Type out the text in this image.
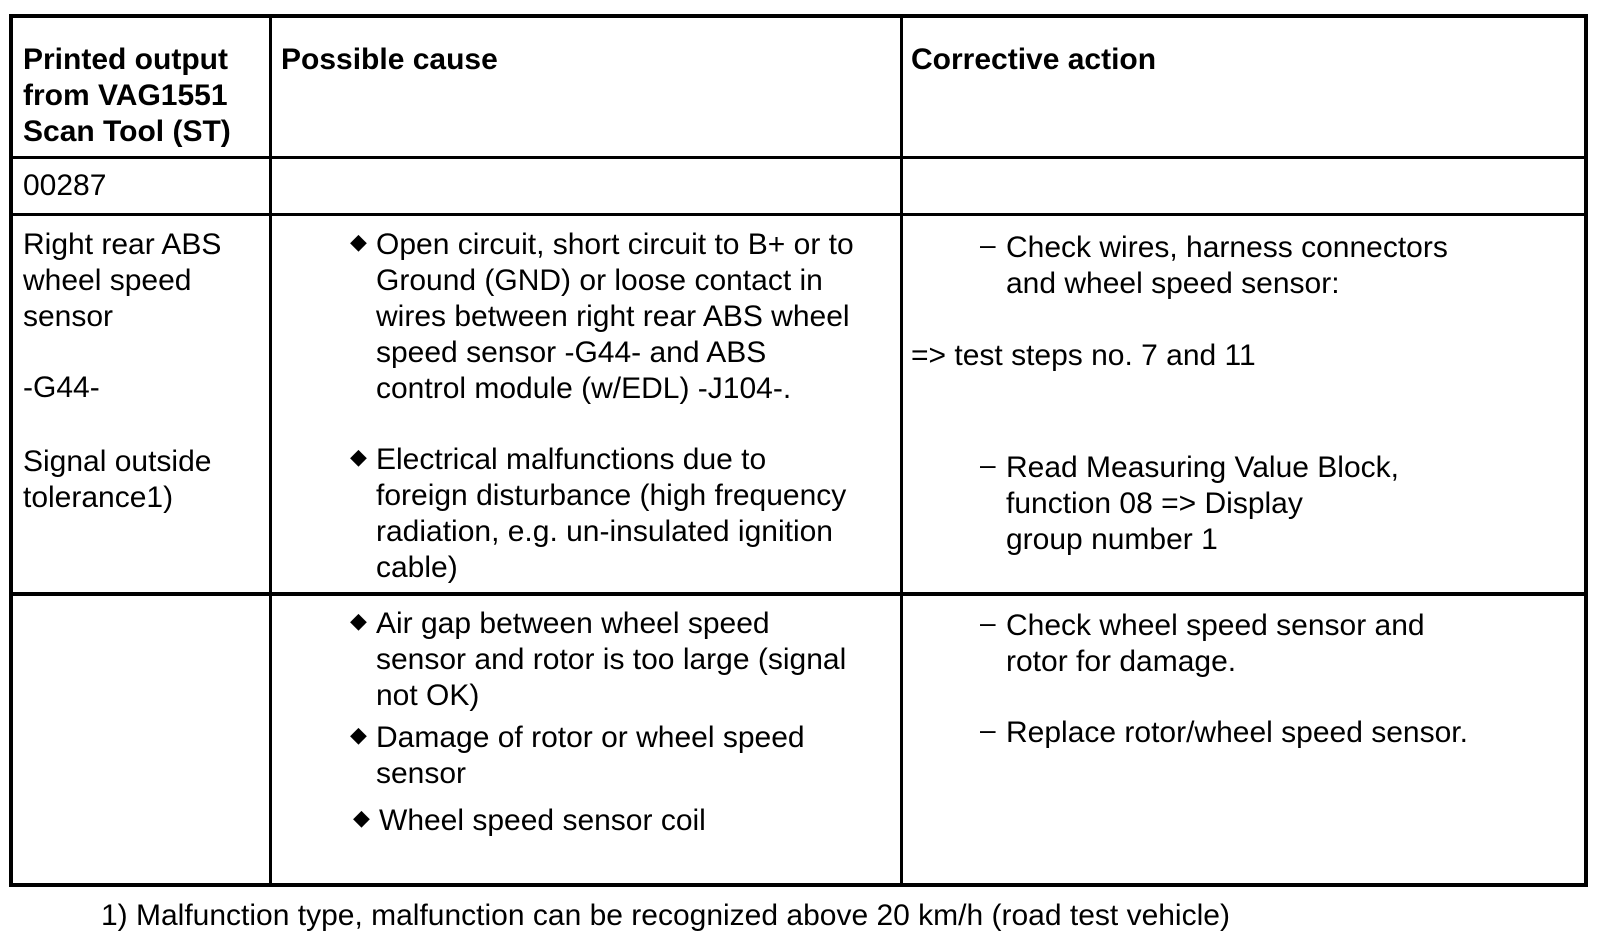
Printed output
from VAG1551
Scan Tool (ST)
Possible cause	Corrective action
00287
Right rear ABS
wheel speed
sensor
-G44-
Signal outside
tolerance1)
◆ Open circuit, short circuit to B+ or to
Ground (GND) or loose contact in
wires between right rear ABS wheel
speed sensor -G44- and ABS
control module (w/EDL) -J104-.
◆ Electrical malfunctions due to
foreign disturbance (high frequency
radiation, e.g. un-insulated ignition
cable)
– Check wires, harness connectors
and wheel speed sensor:
=> test steps no. 7 and 11
– Read Measuring Value Block,
function 08 => Display
group number 1
◆ Air gap between wheel speed
sensor and rotor is too large (signal
not OK)
◆ Damage of rotor or wheel speed
sensor
◆ Wheel speed sensor coil
– Check wheel speed sensor and
rotor for damage.
– Replace rotor/wheel speed sensor.
1) Malfunction type, malfunction can be recognized above 20 km/h (road test vehicle)
